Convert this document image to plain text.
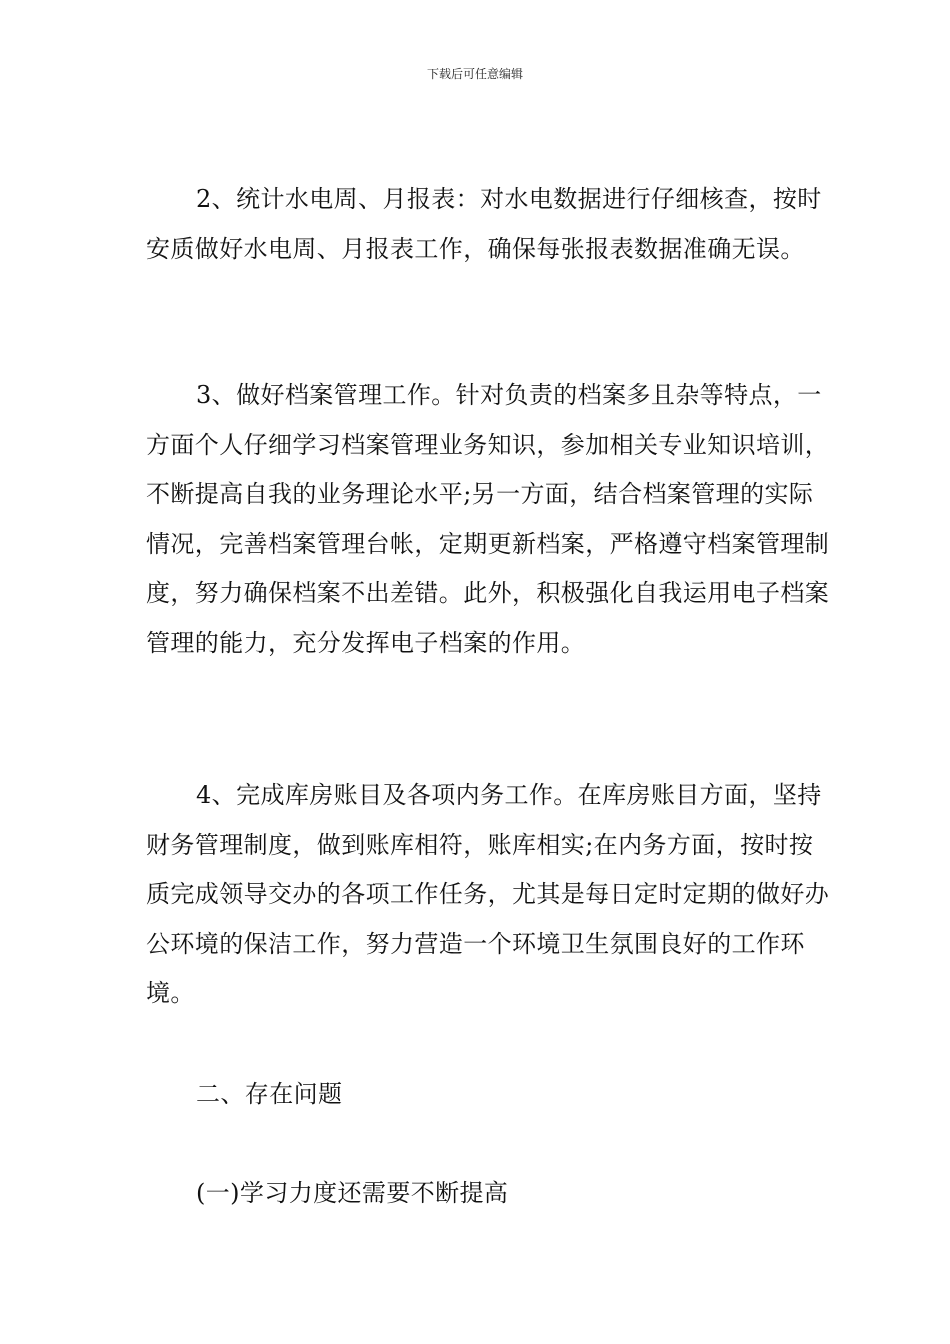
下载后可任意编辑

2、统计水电周、月报表：对水电数据进行仔细核查，按时安质做好水电周、月报表工作，确保每张报表数据准确无误。

3、做好档案管理工作。针对负责的档案多且杂等特点，一方面个人仔细学习档案管理业务知识，参加相关专业知识培训，不断提高自我的业务理论水平;另一方面，结合档案管理的实际情况，完善档案管理台帐，定期更新档案，严格遵守档案管理制度，努力确保档案不出差错。此外，积极强化自我运用电子档案管理的能力，充分发挥电子档案的作用。

4、完成库房账目及各项内务工作。在库房账目方面，坚持财务管理制度，做到账库相符，账库相实;在内务方面，按时按质完成领导交办的各项工作任务，尤其是每日定时定期的做好办公环境的保洁工作，努力营造一个环境卫生氛围良好的工作环境。

二、存在问题

(一)学习力度还需要不断提高
